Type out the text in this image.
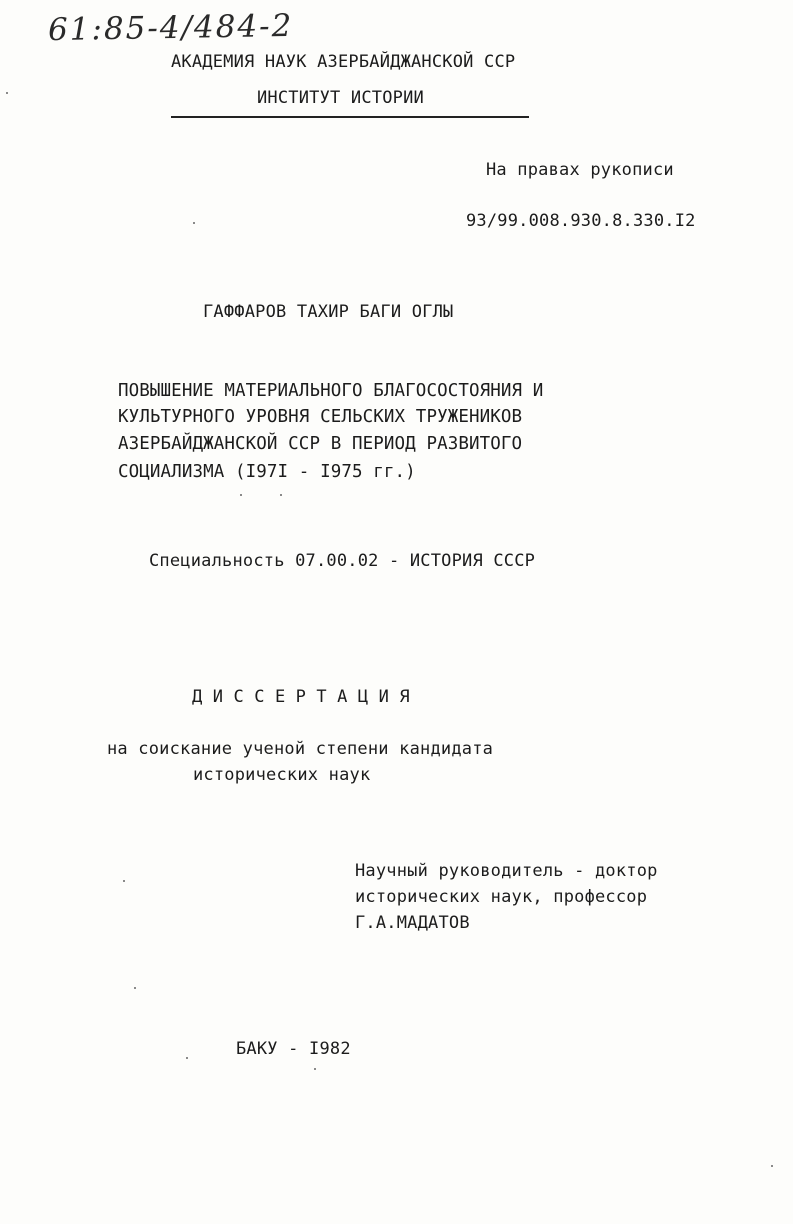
61:85-4/484-2
АКАДЕМИЯ НАУК АЗЕРБАЙДЖАНСКОЙ ССР
ИНСТИТУТ ИСТОРИИ
На правах рукописи
93/99.008.930.8.330.I2
ГАФФАРОВ ТАХИР БАГИ ОГЛЫ
ПОВЫШЕНИЕ МАТЕРИАЛЬНОГО БЛАГОСОСТОЯНИЯ И
КУЛЬТУРНОГО УРОВНЯ СЕЛЬСКИХ ТРУЖЕНИКОВ
АЗЕРБАЙДЖАНСКОЙ ССР В ПЕРИОД РАЗВИТОГО
СОЦИАЛИЗМА (I97I - I975 гг.)
Специальность 07.00.02 - ИСТОРИЯ СССР
ДИССЕРТАЦИЯ
на соискание ученой степени кандидата
исторических наук
Научный руководитель - доктор
исторических наук, профессор
Г.А.МАДАТОВ
БАКУ - I982
